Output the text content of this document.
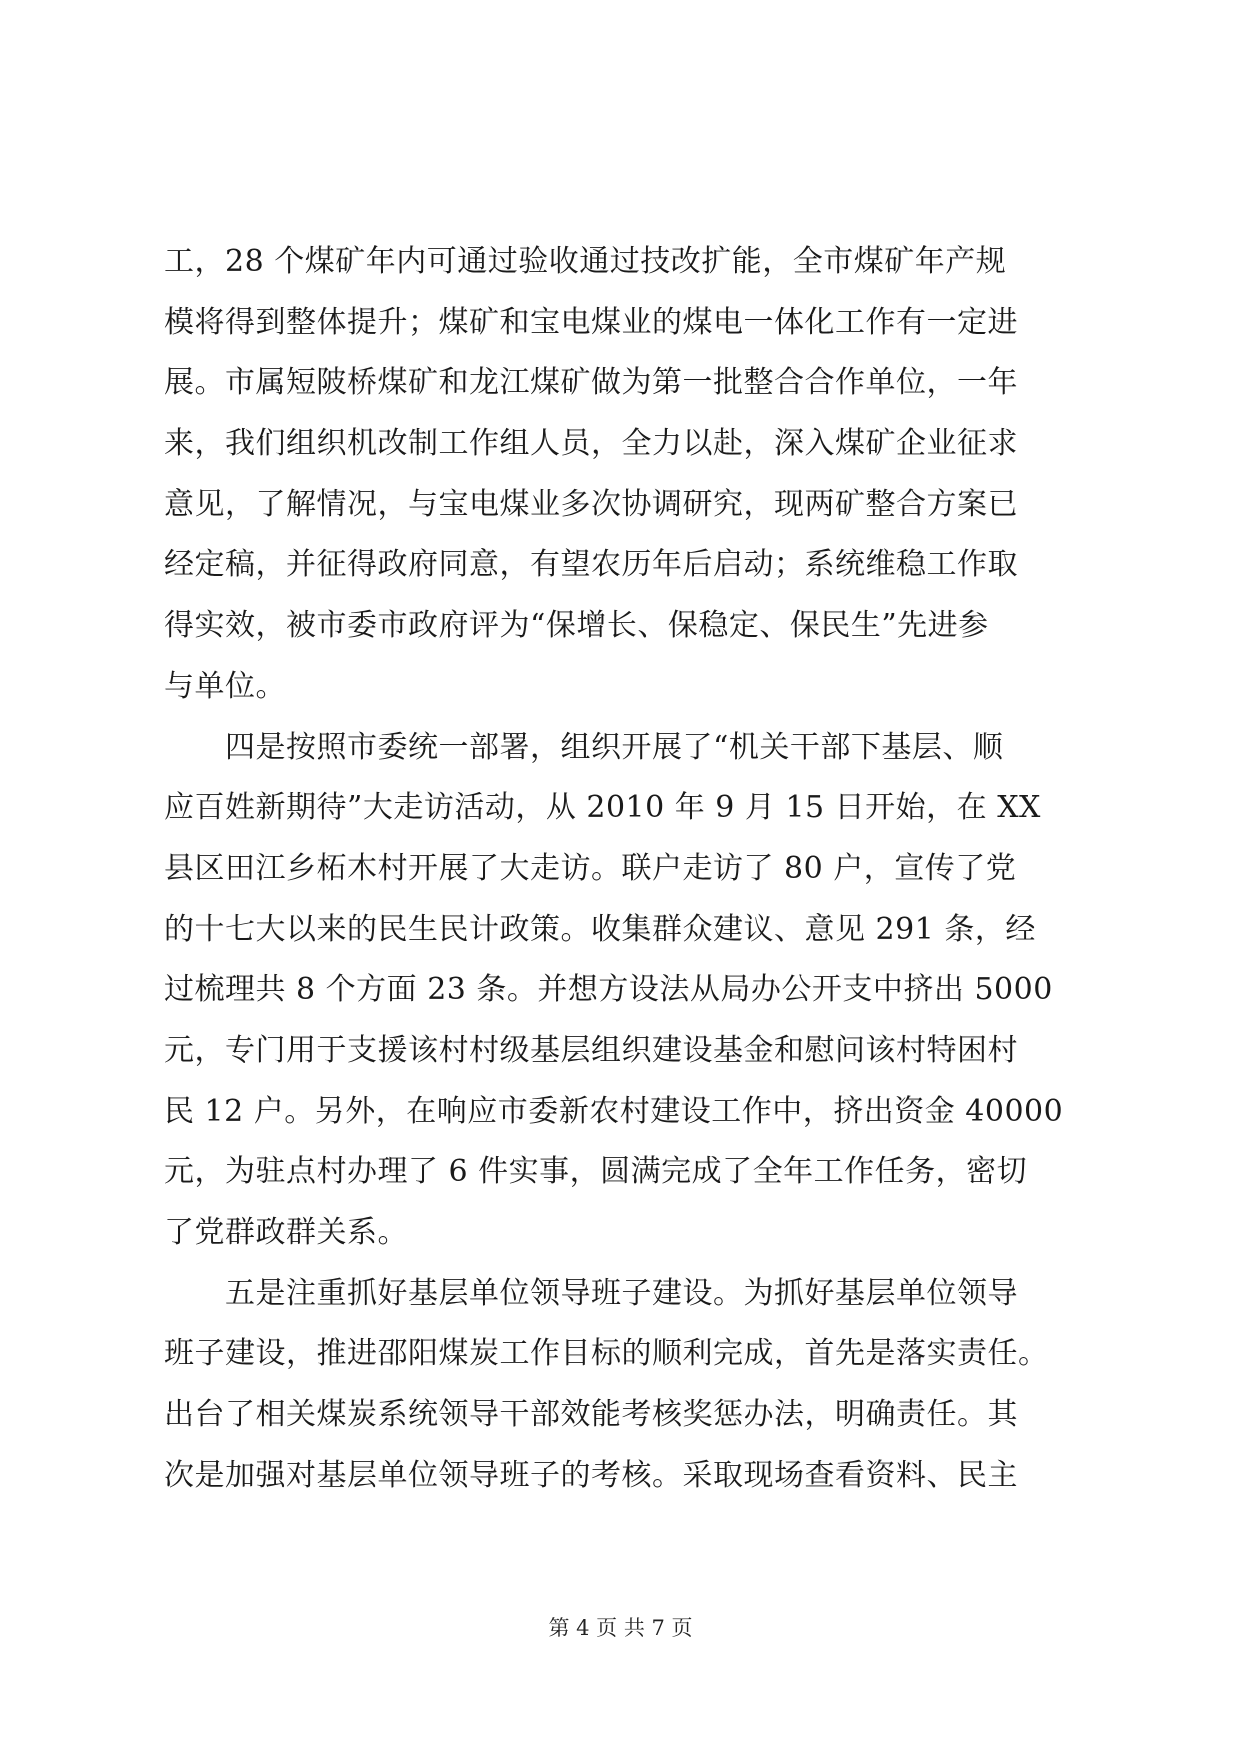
工，28 个煤矿年内可通过验收通过技改扩能，全市煤矿年产规
模将得到整体提升；煤矿和宝电煤业的煤电一体化工作有一定进
展。市属短陂桥煤矿和龙江煤矿做为第一批整合合作单位，一年
来，我们组织机改制工作组人员，全力以赴，深入煤矿企业征求
意见，了解情况，与宝电煤业多次协调研究，现两矿整合方案已
经定稿，并征得政府同意，有望农历年后启动；系统维稳工作取
得实效，被市委市政府评为“保增长、保稳定、保民生”先进参
与单位。

　　四是按照市委统一部署，组织开展了“机关干部下基层、顺
应百姓新期待”大走访活动，从 2010 年 9 月 15 日开始，在 XX
县区田江乡柘木村开展了大走访。联户走访了 80 户，宣传了党
的十七大以来的民生民计政策。收集群众建议、意见 291 条，经
过梳理共 8 个方面 23 条。并想方设法从局办公开支中挤出 5000
元，专门用于支援该村村级基层组织建设基金和慰问该村特困村
民 12 户。另外，在响应市委新农村建设工作中，挤出资金 40000
元，为驻点村办理了 6 件实事，圆满完成了全年工作任务，密切
了党群政群关系。

　　五是注重抓好基层单位领导班子建设。为抓好基层单位领导
班子建设，推进邵阳煤炭工作目标的顺利完成，首先是落实责任。
出台了相关煤炭系统领导干部效能考核奖惩办法，明确责任。其
次是加强对基层单位领导班子的考核。采取现场查看资料、民主

第 4 页 共 7 页
